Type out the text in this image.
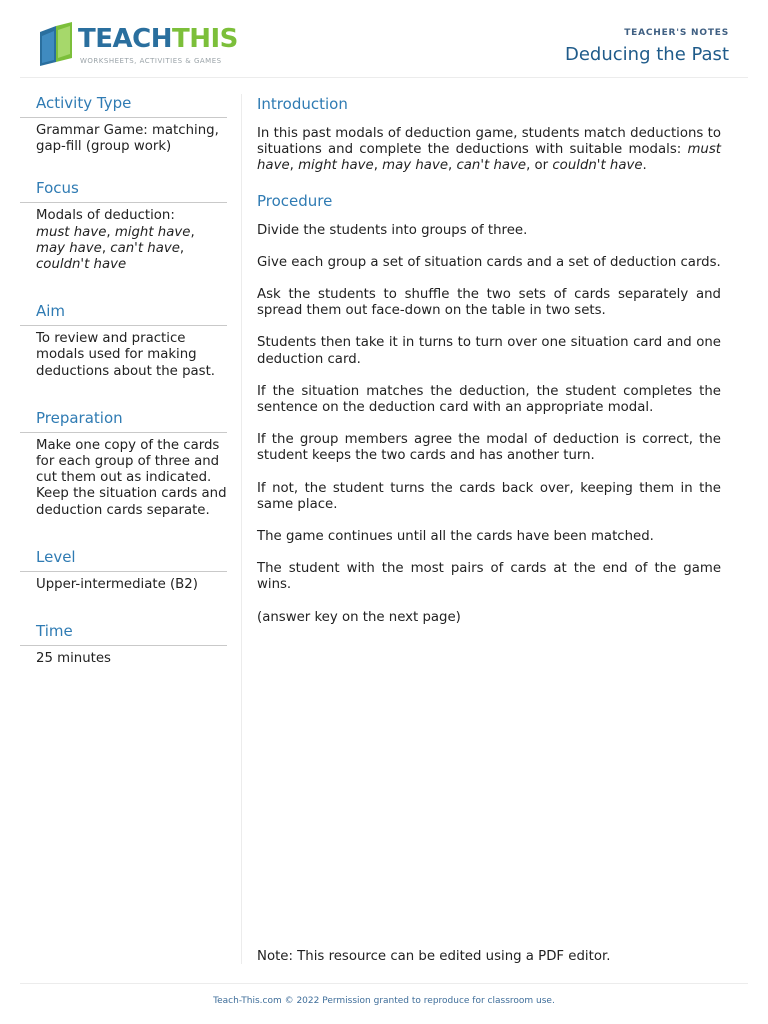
TEACHTHIS
WORKSHEETS, ACTIVITIES & GAMES
TEACHER'S NOTES
Deducing the Past
Activity Type
Grammar Game: matching, gap-fill (group work)
Focus
Modals of deduction:
must have, might have,
may have, can't have,
couldn't have
Aim
To review and practice modals used for making deductions about the past.
Preparation
Make one copy of the cards for each group of three and cut them out as indicated. Keep the situation cards and deduction cards separate.
Level
Upper-intermediate (B2)
Time
25 minutes
Introduction

In this past modals of deduction game, students match deductions to situations and complete the deductions with suitable modals: must have, might have, may have, can't have, or couldn't have.

Procedure

Divide the students into groups of three.

Give each group a set of situation cards and a set of deduction cards.

Ask the students to shuffle the two sets of cards separately and spread them out face-down on the table in two sets.

Students then take it in turns to turn over one situation card and one deduction card.

If the situation matches the deduction, the student completes the sentence on the deduction card with an appropriate modal.

If the group members agree the modal of deduction is correct, the student keeps the two cards and has another turn.

If not, the student turns the cards back over, keeping them in the same place.

The game continues until all the cards have been matched.

The student with the most pairs of cards at the end of the game wins.

(answer key on the next page)

Note: This resource can be edited using a PDF editor.
Teach-This.com © 2022 Permission granted to reproduce for classroom use.
